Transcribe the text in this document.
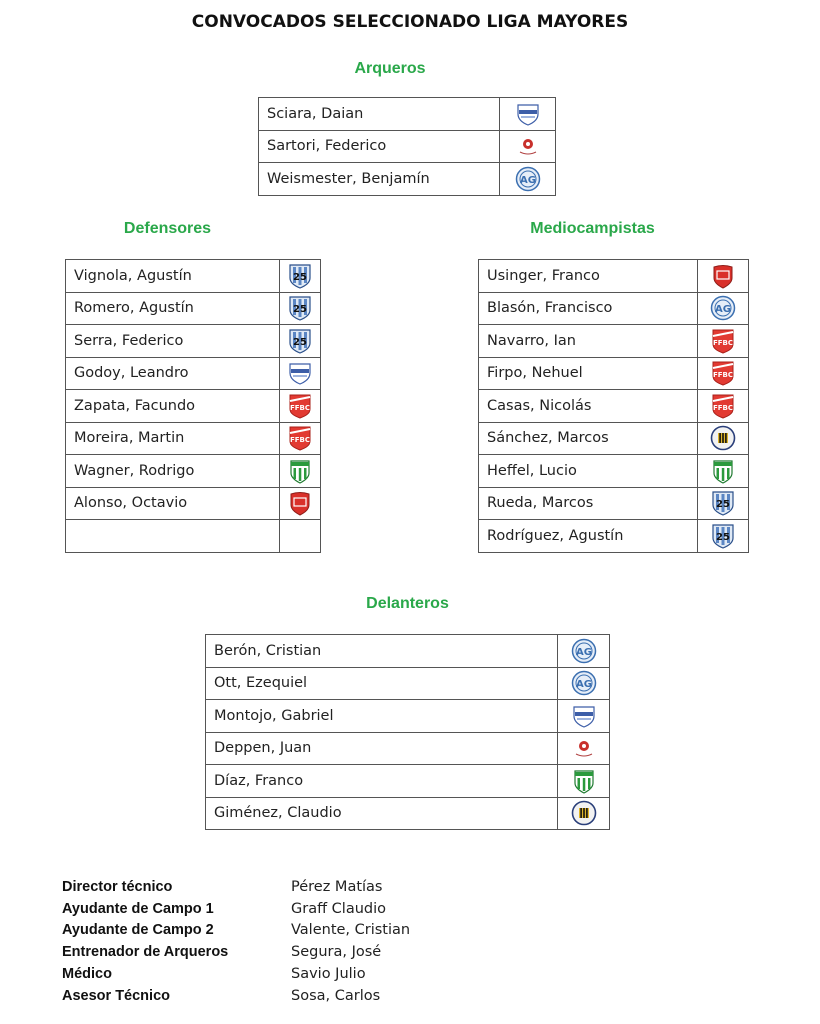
CONVOCADOS SELECCIONADO LIGA MAYORES
Arqueros
Sciara, Daian	

Sartori, Federico	

Weismester, Benjamín	AG
Defensores
Vignola, Agustín	25

Romero, Agustín	25

Serra, Federico	25

Godoy, Leandro	

Zapata, Facundo	FFBC

Moreira, Martin	FFBC

Wagner, Rodrigo	

Alonso, Octavio	

Mediocampistas
Usinger, Franco	

Blasón, Francisco	AG

Navarro, Ian	FFBC

Firpo, Nehuel	FFBC

Casas, Nicolás	FFBC

Sánchez, Marcos	

Heffel, Lucio	

Rueda, Marcos	25

Rodríguez, Agustín	25
Delanteros
Berón, Cristian	AG

Ott, Ezequiel	AG

Montojo, Gabriel	

Deppen, Juan	

Díaz, Franco	

Giménez, Claudio	
Director técnico	Pérez Matías
Ayudante de Campo 1	Graff Claudio
Ayudante de Campo 2	Valente, Cristian
Entrenador de Arqueros	Segura, José
Médico	Savio Julio
Asesor Técnico	Sosa, Carlos
